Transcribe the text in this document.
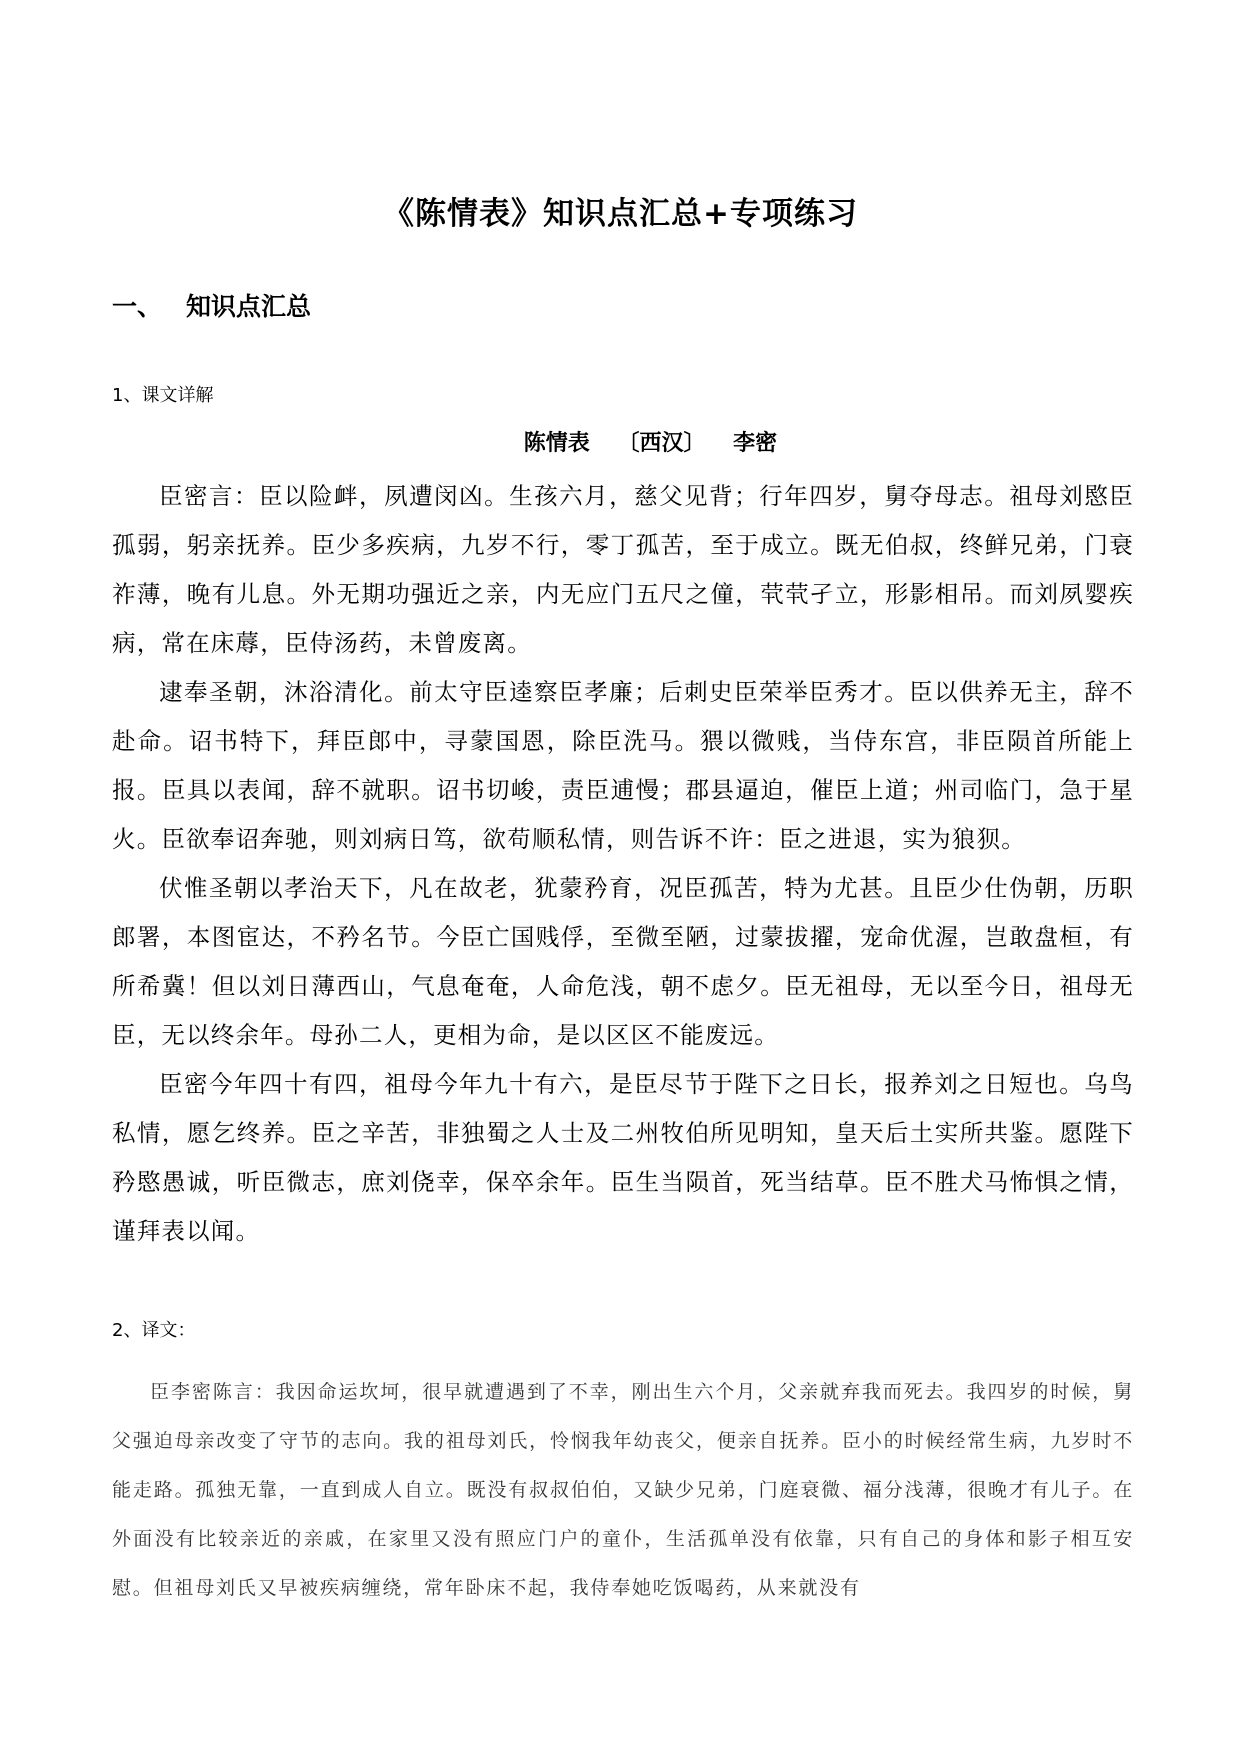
《陈情表》知识点汇总+专项练习
一、 知识点汇总
1、课文详解
陈情表 〔西汉〕 李密

臣密言：臣以险衅，夙遭闵凶。生孩六月，慈父见背；行年四岁，舅夺母志。祖母刘愍臣孤弱，躬亲抚养。臣少多疾病，九岁不行，零丁孤苦，至于成立。既无伯叔，终鲜兄弟，门衰祚薄，晚有儿息。外无期功强近之亲，内无应门五尺之僮，茕茕孑立，形影相吊。而刘夙婴疾病，常在床蓐，臣侍汤药，未曾废离。

逮奉圣朝，沐浴清化。前太守臣逵察臣孝廉；后刺史臣荣举臣秀才。臣以供养无主，辞不赴命。诏书特下，拜臣郎中，寻蒙国恩，除臣洗马。猥以微贱，当侍东宫，非臣陨首所能上报。臣具以表闻，辞不就职。诏书切峻，责臣逋慢；郡县逼迫，催臣上道；州司临门，急于星火。臣欲奉诏奔驰，则刘病日笃，欲苟顺私情，则告诉不许：臣之进退，实为狼狈。

伏惟圣朝以孝治天下，凡在故老，犹蒙矜育，况臣孤苦，特为尤甚。且臣少仕伪朝，历职郎署，本图宦达，不矜名节。今臣亡国贱俘，至微至陋，过蒙拔擢，宠命优渥，岂敢盘桓，有所希冀！但以刘日薄西山，气息奄奄，人命危浅，朝不虑夕。臣无祖母，无以至今日，祖母无臣，无以终余年。母孙二人，更相为命，是以区区不能废远。

臣密今年四十有四，祖母今年九十有六，是臣尽节于陛下之日长，报养刘之日短也。乌鸟私情，愿乞终养。臣之辛苦，非独蜀之人士及二州牧伯所见明知，皇天后土实所共鉴。愿陛下矜愍愚诚，听臣微志，庶刘侥幸，保卒余年。臣生当陨首，死当结草。臣不胜犬马怖惧之情，谨拜表以闻。

2、译文：

臣李密陈言：我因命运坎坷，很早就遭遇到了不幸，刚出生六个月，父亲就弃我而死去。我四岁的时候，舅父强迫母亲改变了守节的志向。我的祖母刘氏，怜悯我年幼丧父，便亲自抚养。臣小的时候经常生病，九岁时不能走路。孤独无靠，一直到成人自立。既没有叔叔伯伯，又缺少兄弟，门庭衰微、福分浅薄，很晚才有儿子。在外面没有比较亲近的亲戚，在家里又没有照应门户的童仆，生活孤单没有依靠，只有自己的身体和影子相互安慰。但祖母刘氏又早被疾病缠绕，常年卧床不起，我侍奉她吃饭喝药，从来就没有
